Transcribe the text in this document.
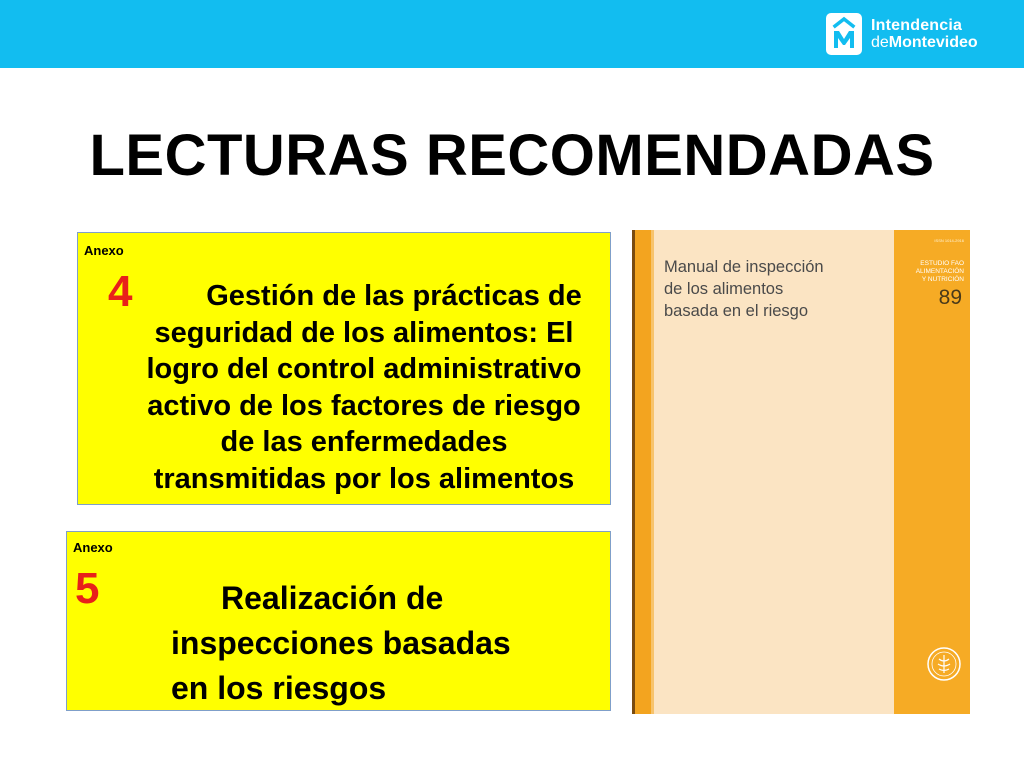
Intendencia
deMontevideo
LECTURAS RECOMENDADAS
Anexo
4	Gestión de las prácticas de
seguridad de los alimentos: El
logro del control administrativo
activo de los factores de riesgo
de las enfermedades
transmitidas por los alimentos
Anexo
5	Realización de
inspecciones basadas
en los riesgos
Manual de inspección
de los alimentos
basada en el riesgo
ISSN 1014-2916
ESTUDIO FAO
ALIMENTACIÓN
Y NUTRICIÓN
89
